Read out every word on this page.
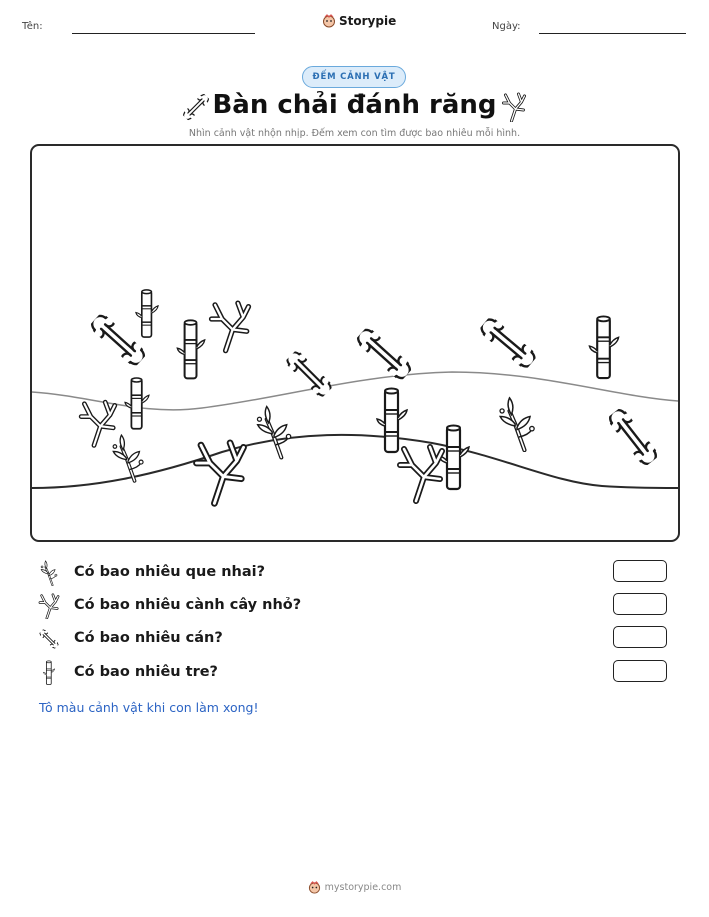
Tên:	Storypie	Ngày:
ĐẾM CẢNH VẬT
Bàn chải đánh răng
Nhìn cảnh vật nhộn nhịp. Đếm xem con tìm được bao nhiêu mỗi hình.
Có bao nhiêu que nhai?
Có bao nhiêu cành cây nhỏ?
Có bao nhiêu cán?
Có bao nhiêu tre?
Tô màu cảnh vật khi con làm xong!
mystorypie.com
